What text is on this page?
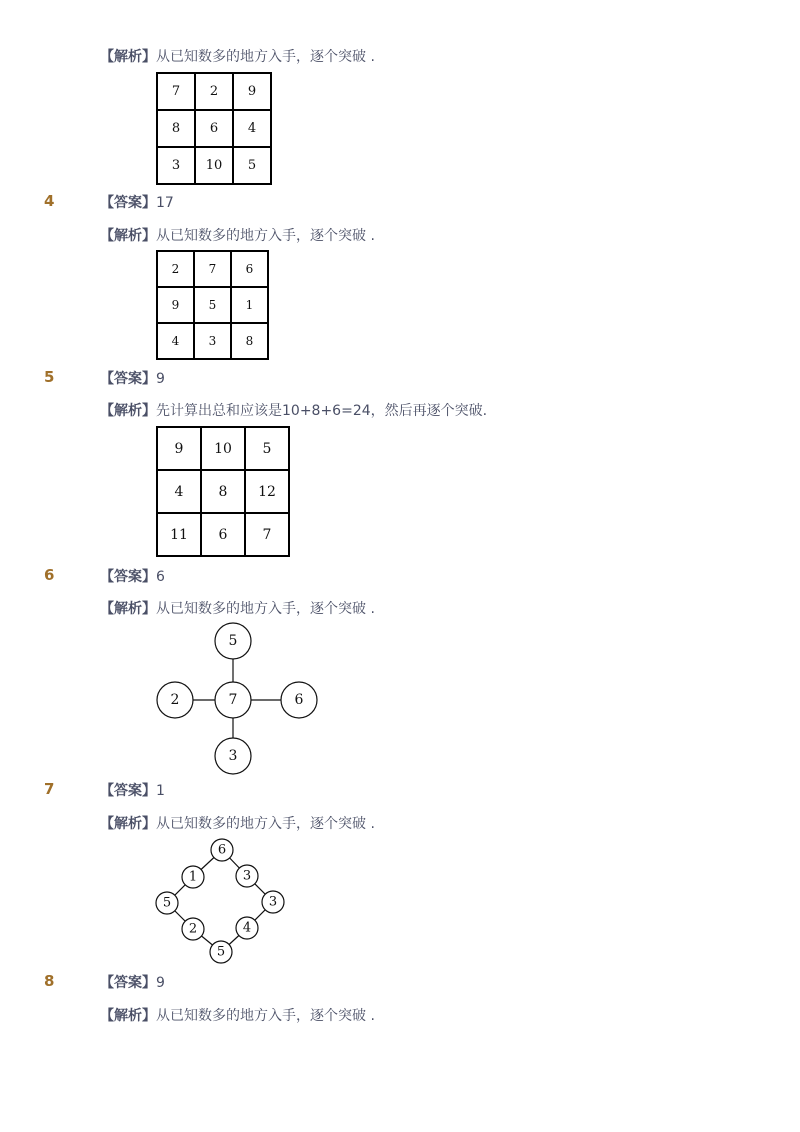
【解析】 从已知数多的地方入手，逐个突破 .
7	2	9
8	6	4
3	10	5
4	【答案】 17
【解析】 从已知数多的地方入手，逐个突破 .
2	7	6
9	5	1
4	3	8
5	【答案】 9
【解析】 先计算出总和应该是10+8+6=24，然后再逐个突破.
9	10	5
4	8	12
11	6	7
6	【答案】 6
【解析】 从已知数多的地方入手，逐个突破 .
5
2	7	6
3
7	【答案】 1
【解析】 从已知数多的地方入手，逐个突破 .
6
3
3
4
5
2
5
1
8	【答案】 9
【解析】 从已知数多的地方入手，逐个突破 .
